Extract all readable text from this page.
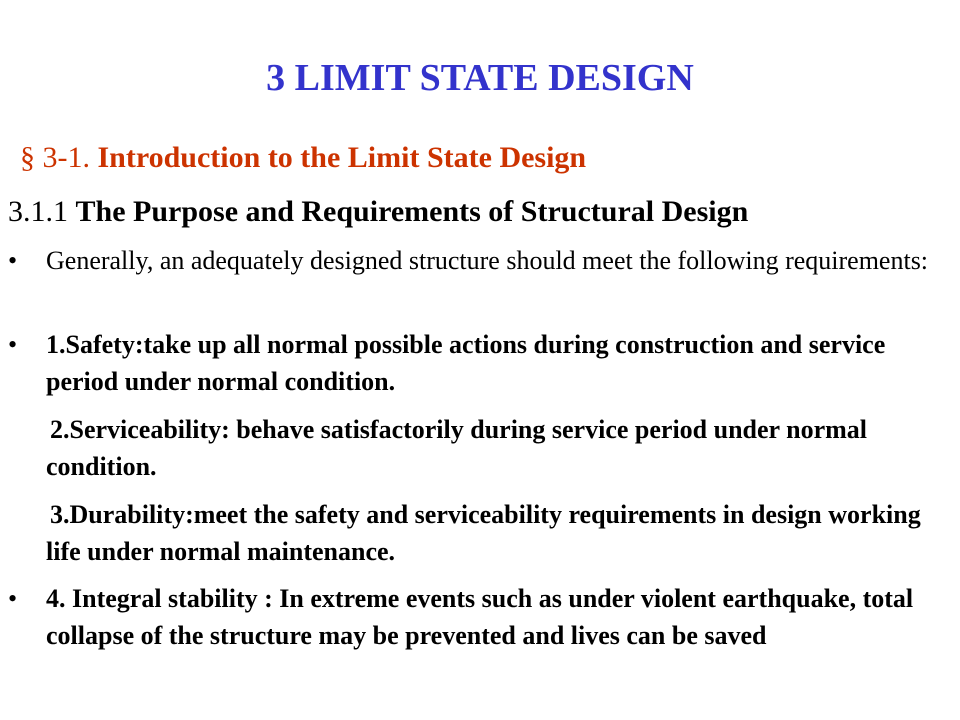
3 LIMIT STATE DESIGN
§ 3-1. Introduction to the Limit State Design
3.1.1 The Purpose and Requirements of Structural Design
•	Generally, an adequately designed structure should meet the following requirements:
•	1.Safety:take up all normal possible actions during construction and service period under normal condition.
2.Serviceability: behave satisfactorily during service period under normal condition.
3.Durability:meet the safety and serviceability requirements in design working life under normal maintenance.
•	4. Integral stability : In extreme events such as under violent earthquake, total collapse of the structure may be prevented and lives can be saved
